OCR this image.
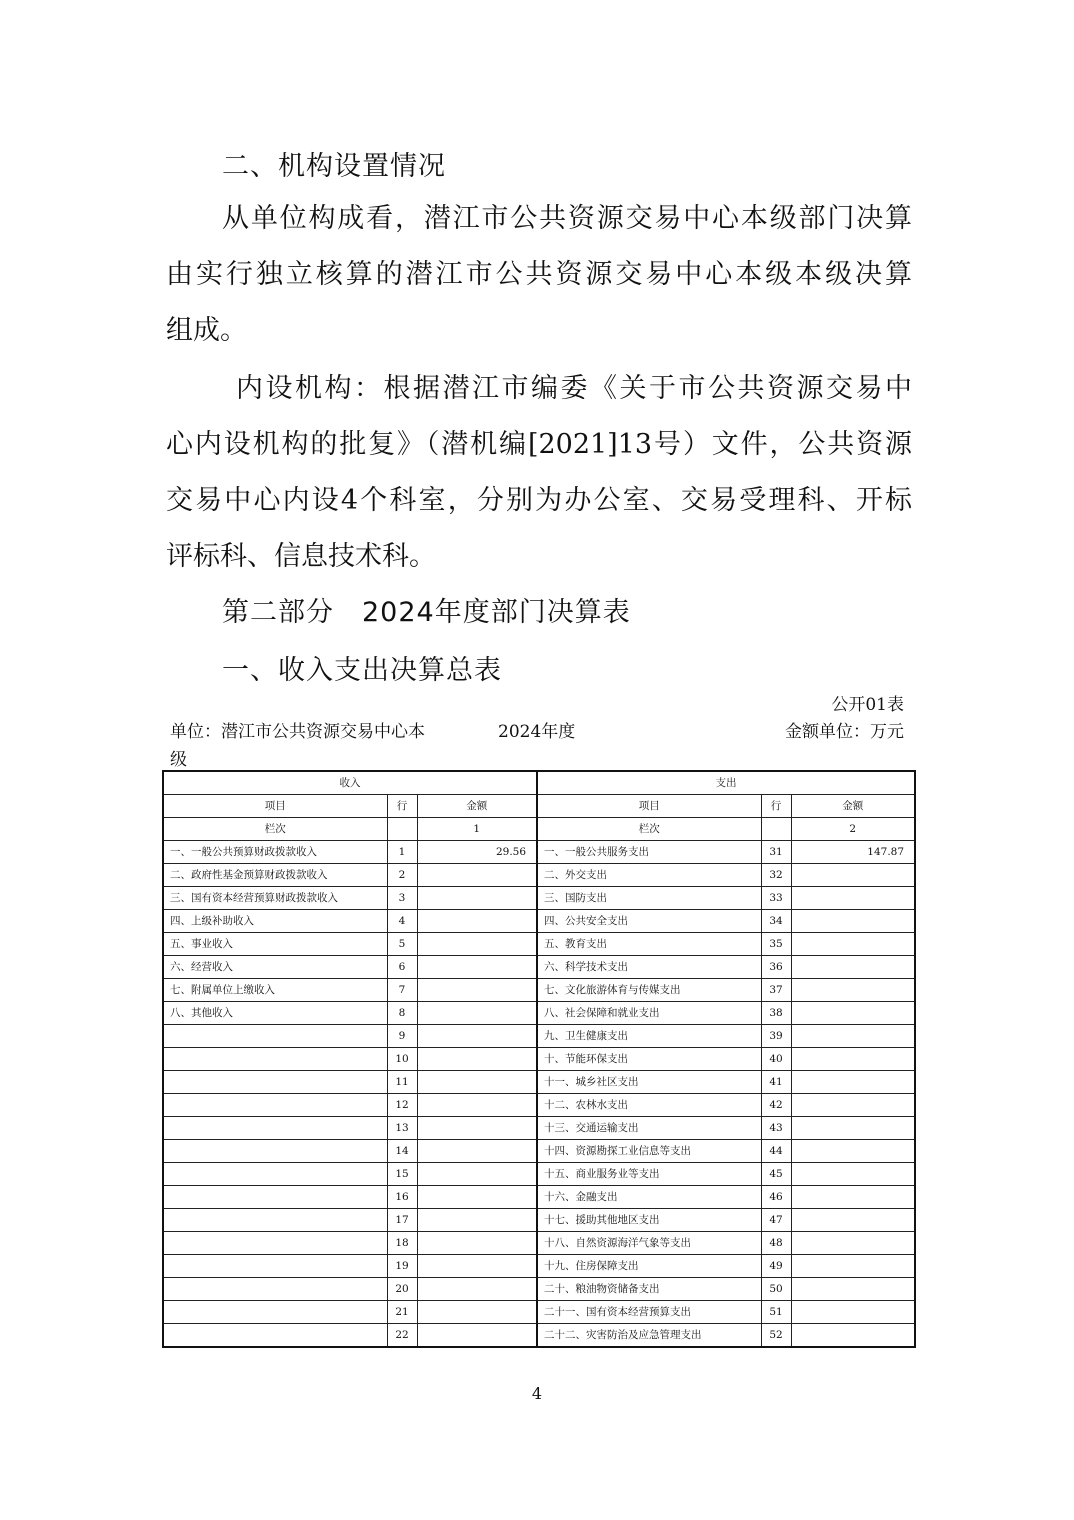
二、机构设置情况
从单位构成看，潜江市公共资源交易中心本级部门决算
由实行独立核算的潜江市公共资源交易中心本级本级决算
组成。
内设机构：根据潜江市编委《关于市公共资源交易中
心内设机构的批复》（潜机编[2021]13号）文件，公共资源
交易中心内设4个科室，分别为办公室、交易受理科、开标
评标科、信息技术科。
第二部分　2024年度部门决算表
一、收入支出决算总表
公开01表
单位：潜江市公共资源交易中心本
级
2024年度	金额单位：万元
收入			支出		
项目	行	金额	项目	行	金额
栏次		1	栏次		2
一、一般公共预算财政拨款收入	1	29.56	一、一般公共服务支出	31	147.87
二、政府性基金预算财政拨款收入	2		二、外交支出	32	
三、国有资本经营预算财政拨款收入	3		三、国防支出	33	
四、上级补助收入	4		四、公共安全支出	34	
五、事业收入	5		五、教育支出	35	
六、经营收入	6		六、科学技术支出	36	
七、附属单位上缴收入	7		七、文化旅游体育与传媒支出	37	
八、其他收入	8		八、社会保障和就业支出	38	
	9		九、卫生健康支出	39	
	10		十、节能环保支出	40	
	11		十一、城乡社区支出	41	
	12		十二、农林水支出	42	
	13		十三、交通运输支出	43	
	14		十四、资源勘探工业信息等支出	44	
	15		十五、商业服务业等支出	45	
	16		十六、金融支出	46	
	17		十七、援助其他地区支出	47	
	18		十八、自然资源海洋气象等支出	48	
	19		十九、住房保障支出	49	
	20		二十、粮油物资储备支出	50	
	21		二十一、国有资本经营预算支出	51	
	22		二十二、灾害防治及应急管理支出	52	
4
